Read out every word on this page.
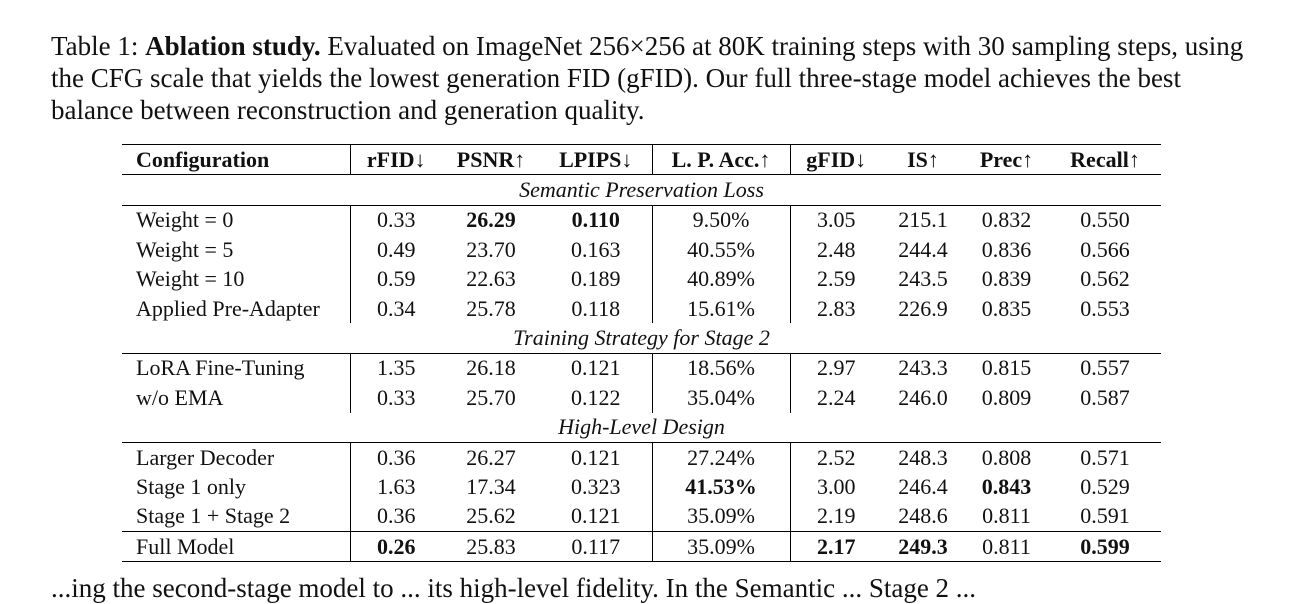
Table 1: Ablation study. Evaluated on ImageNet 256×256 at 80K training steps with 30 sampling steps, using the CFG scale that yields the lowest generation FID (gFID). Our full three-stage model achieves the best balance between reconstruction and generation quality.
Configuration	rFID↓	PSNR↑	LPIPS↓	L. P. Acc.↑	gFID↓	IS↑	Prec↑	Recall↑
Semantic Preservation Loss								
Weight = 0	0.33	26.29	0.110	9.50%	3.05	215.1	0.832	0.550
Weight = 5	0.49	23.70	0.163	40.55%	2.48	244.4	0.836	0.566
Weight = 10	0.59	22.63	0.189	40.89%	2.59	243.5	0.839	0.562
Applied Pre-Adapter	0.34	25.78	0.118	15.61%	2.83	226.9	0.835	0.553
Training Strategy for Stage 2								
LoRA Fine-Tuning	1.35	26.18	0.121	18.56%	2.97	243.3	0.815	0.557
w/o EMA	0.33	25.70	0.122	35.04%	2.24	246.0	0.809	0.587
High-Level Design								
Larger Decoder	0.36	26.27	0.121	27.24%	2.52	248.3	0.808	0.571
Stage 1 only	1.63	17.34	0.323	41.53%	3.00	246.4	0.843	0.529
Stage 1 + Stage 2	0.36	25.62	0.121	35.09%	2.19	248.6	0.811	0.591
Full Model	0.26	25.83	0.117	35.09%	2.17	249.3	0.811	0.599
...ing the second-stage model to ... its high-level fidelity. In the Semantic ... Stage 2 ...
